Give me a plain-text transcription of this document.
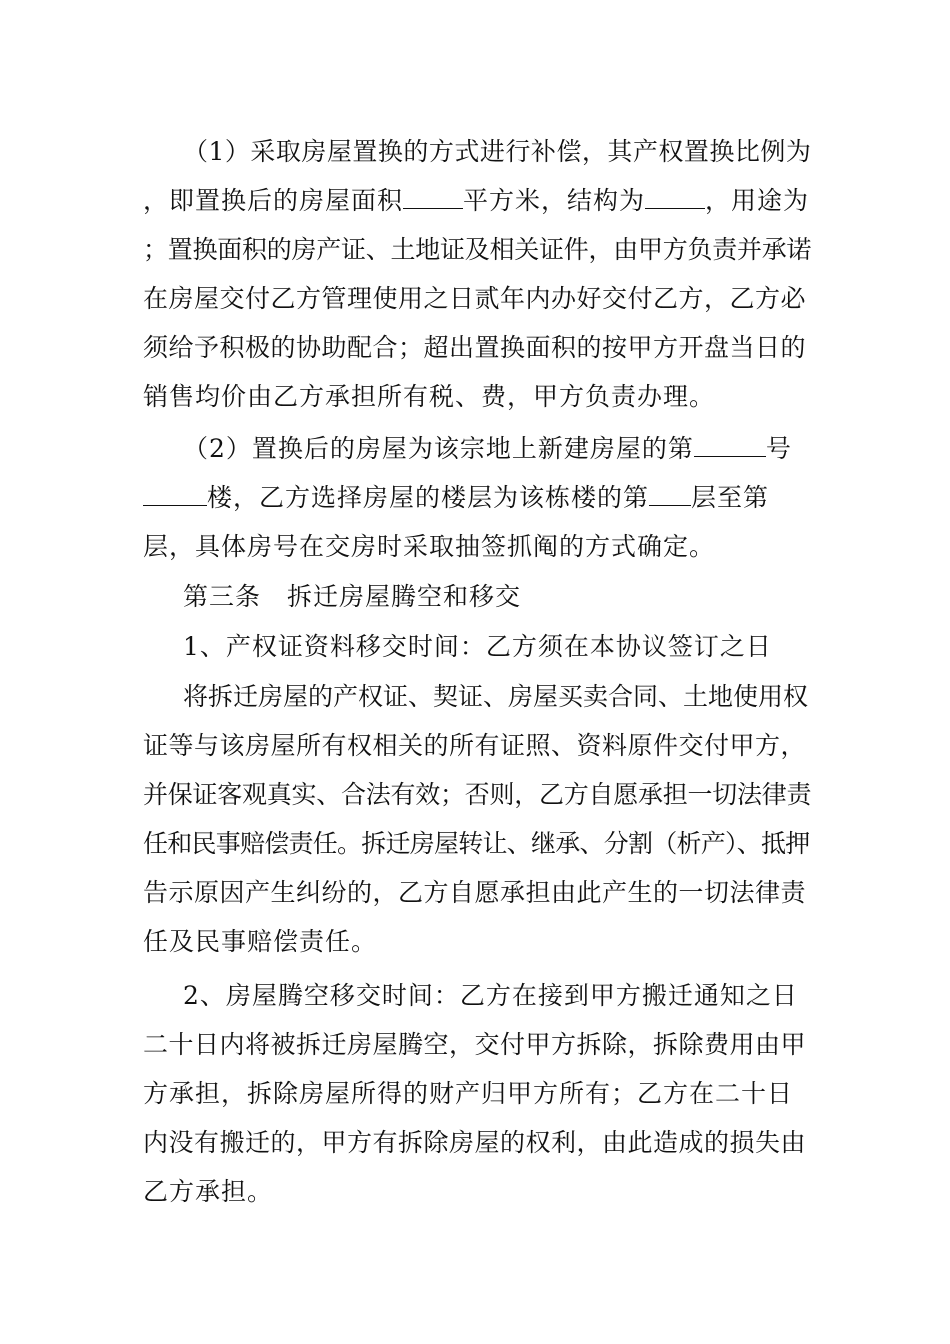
（1）采取房屋置换的方式进行补偿，其产权置换比例为
，即置换后的房屋面积 平方米，结构为 ，用途为
；置换面积的房产证、土地证及相关证件，由甲方负责并承诺
在房屋交付乙方管理使用之日贰年内办好交付乙方，乙方必
须给予积极的协助配合；超出置换面积的按甲方开盘当日的
销售均价由乙方承担所有税、费，甲方负责办理。
（2）置换后的房屋为该宗地上新建房屋的第	号
楼，乙方选择房屋的楼层为该栋楼的第 层至第
层，具体房号在交房时采取抽签抓阄的方式确定。
第三条　拆迁房屋腾空和移交
1、产权证资料移交时间：乙方须在本协议签订之日
将拆迁房屋的产权证、契证、房屋买卖合同、土地使用权
证等与该房屋所有权相关的所有证照、资料原件交付甲方，
并保证客观真实、合法有效；否则，乙方自愿承担一切法律责
任和民事赔偿责任。拆迁房屋转让、继承、分割（析产）、抵押
告示原因产生纠纷的，乙方自愿承担由此产生的一切法律责
任及民事赔偿责任。
2、房屋腾空移交时间：乙方在接到甲方搬迁通知之日
二十日内将被拆迁房屋腾空，交付甲方拆除，拆除费用由甲
方承担，拆除房屋所得的财产归甲方所有；乙方在二十日
内没有搬迁的，甲方有拆除房屋的权利，由此造成的损失由
乙方承担。
